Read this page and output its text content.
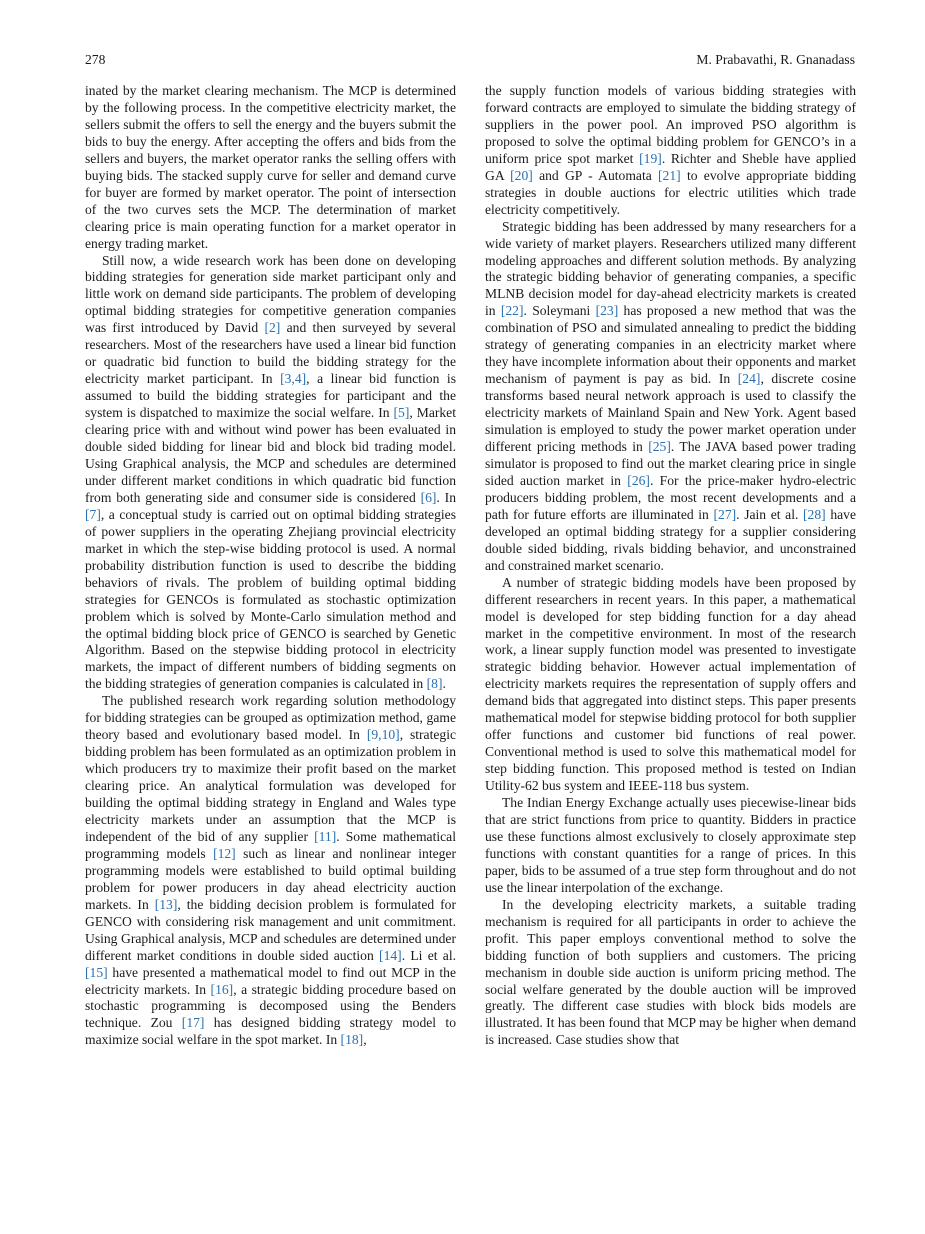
278	M. Prabavathi, R. Gnanadass

inated by the market clearing mechanism. The MCP is determined by the following process. In the competitive electricity market, the sellers submit the offers to sell the energy and the buyers submit the bids to buy the energy. After accepting the offers and bids from the sellers and buyers, the market operator ranks the selling offers with buying bids. The stacked supply curve for seller and demand curve for buyer are formed by market operator. The point of intersection of the two curves sets the MCP. The determination of market clearing price is main operating function for a market operator in energy trading market.

Still now, a wide research work has been done on developing bidding strategies for generation side market participant only and little work on demand side participants. The problem of developing optimal bidding strategies for competitive generation companies was first introduced by David [2] and then surveyed by several researchers. Most of the researchers have used a linear bid function or quadratic bid function to build the bidding strategy for the electricity market participant. In [3,4], a linear bid function is assumed to build the bidding strategies for participant and the system is dispatched to maximize the social welfare. In [5], Market clearing price with and without wind power has been evaluated in double sided bidding for linear bid and block bid trading model. Using Graphical analysis, the MCP and schedules are determined under different market conditions in which quadratic bid function from both generating side and consumer side is considered [6]. In [7], a conceptual study is carried out on optimal bidding strategies of power suppliers in the operating Zhejiang provincial electricity market in which the step-wise bidding protocol is used. A normal probability distribution function is used to describe the bidding behaviors of rivals. The problem of building optimal bidding strategies for GENCOs is formulated as stochastic optimization problem which is solved by Monte-Carlo simulation method and the optimal bidding block price of GENCO is searched by Genetic Algorithm. Based on the stepwise bidding protocol in electricity markets, the impact of different numbers of bidding segments on the bidding strategies of generation companies is calculated in [8].

The published research work regarding solution methodology for bidding strategies can be grouped as optimization method, game theory based and evolutionary based model. In [9,10], strategic bidding problem has been formulated as an optimization problem in which producers try to maximize their profit based on the market clearing price. An analytical formulation was developed for building the optimal bidding strategy in England and Wales type electricity markets under an assumption that the MCP is independent of the bid of any supplier [11]. Some mathematical programming models [12] such as linear and nonlinear integer programming models were established to build optimal building problem for power producers in day ahead electricity auction markets. In [13], the bidding decision problem is formulated for GENCO with considering risk management and unit commitment. Using Graphical analysis, MCP and schedules are determined under different market conditions in double sided auction [14]. Li et al. [15] have presented a mathematical model to find out MCP in the electricity markets. In [16], a strategic bidding procedure based on stochastic programming is decomposed using the Benders technique. Zou [17] has designed bidding strategy model to maximize social welfare in the spot market. In [18],

the supply function models of various bidding strategies with forward contracts are employed to simulate the bidding strategy of suppliers in the power pool. An improved PSO algorithm is proposed to solve the optimal bidding problem for GENCO’s in a uniform price spot market [19]. Richter and Sheble have applied GA [20] and GP - Automata [21] to evolve appropriate bidding strategies in double auctions for electric utilities which trade electricity competitively.

Strategic bidding has been addressed by many researchers for a wide variety of market players. Researchers utilized many different modeling approaches and different solution methods. By analyzing the strategic bidding behavior of generating companies, a specific MLNB decision model for day-ahead electricity markets is created in [22]. Soleymani [23] has proposed a new method that was the combination of PSO and simulated annealing to predict the bidding strategy of generating companies in an electricity market where they have incomplete information about their opponents and market mechanism of payment is pay as bid. In [24], discrete cosine transforms based neural network approach is used to classify the electricity markets of Mainland Spain and New York. Agent based simulation is employed to study the power market operation under different pricing methods in [25]. The JAVA based power trading simulator is proposed to find out the market clearing price in single sided auction market in [26]. For the price-maker hydro-electric producers bidding problem, the most recent developments and a path for future efforts are illuminated in [27]. Jain et al. [28] have developed an optimal bidding strategy for a supplier considering double sided bidding, rivals bidding behavior, and unconstrained and constrained market scenario.

A number of strategic bidding models have been proposed by different researchers in recent years. In this paper, a mathematical model is developed for step bidding function for a day ahead market in the competitive environment. In most of the research work, a linear supply function model was presented to investigate strategic bidding behavior. However actual implementation of electricity markets requires the representation of supply offers and demand bids that aggregated into distinct steps. This paper presents mathematical model for stepwise bidding protocol for both supplier offer functions and customer bid functions of real power. Conventional method is used to solve this mathematical model for step bidding function. This proposed method is tested on Indian Utility-62 bus system and IEEE-118 bus system.

The Indian Energy Exchange actually uses piecewise-linear bids that are strict functions from price to quantity. Bidders in practice use these functions almost exclusively to closely approximate step functions with constant quantities for a range of prices. In this paper, bids to be assumed of a true step form throughout and do not use the linear interpolation of the exchange.

In the developing electricity markets, a suitable trading mechanism is required for all participants in order to achieve the profit. This paper employs conventional method to solve the bidding function of both suppliers and customers. The pricing mechanism in double side auction is uniform pricing method. The social welfare generated by the double auction will be improved greatly. The different case studies with block bids models are illustrated. It has been found that MCP may be higher when demand is increased. Case studies show that
